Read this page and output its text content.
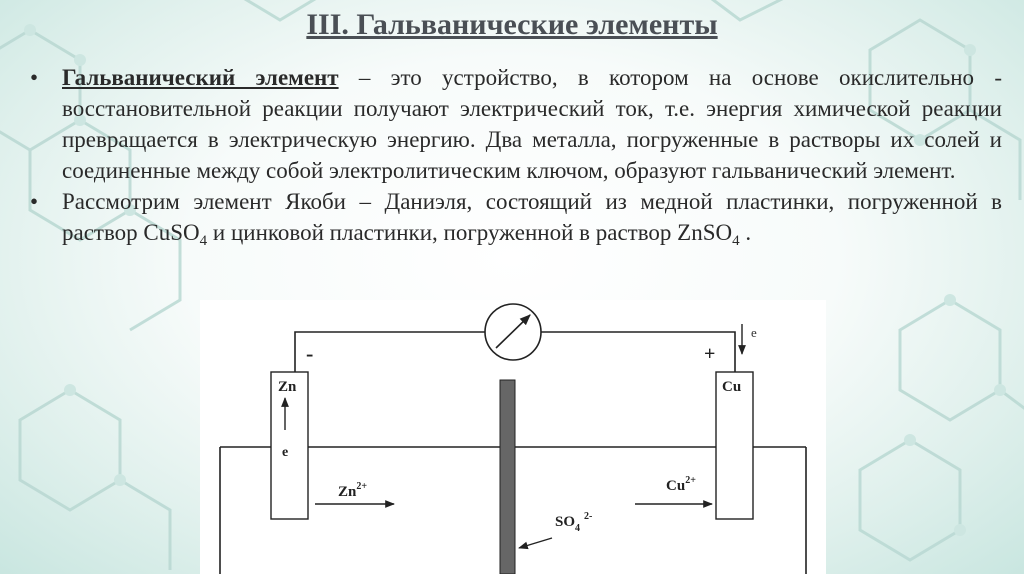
III. Гальванические элементы
•	Гальванический элемент – это устройство, в котором на основе окислительно - восстановительной реакции получают электрический ток, т.е. энергия химической реакции превращается в электрическую энергию. Два металла, погруженные в растворы их солей и соединенные между собой электролитическим ключом, образуют гальванический элемент.
•	Рассмотрим элемент Якоби – Даниэля, состоящий из медной пластинки, погруженной в раствор CuSO$_4$ и цинковой пластинки, погруженной в раствор ZnSO$_4$ .
Zn	Cu
-	+
e
e
$Zn^{2+}$	$Cu^{2+}$
$SO_4^{2-}$
